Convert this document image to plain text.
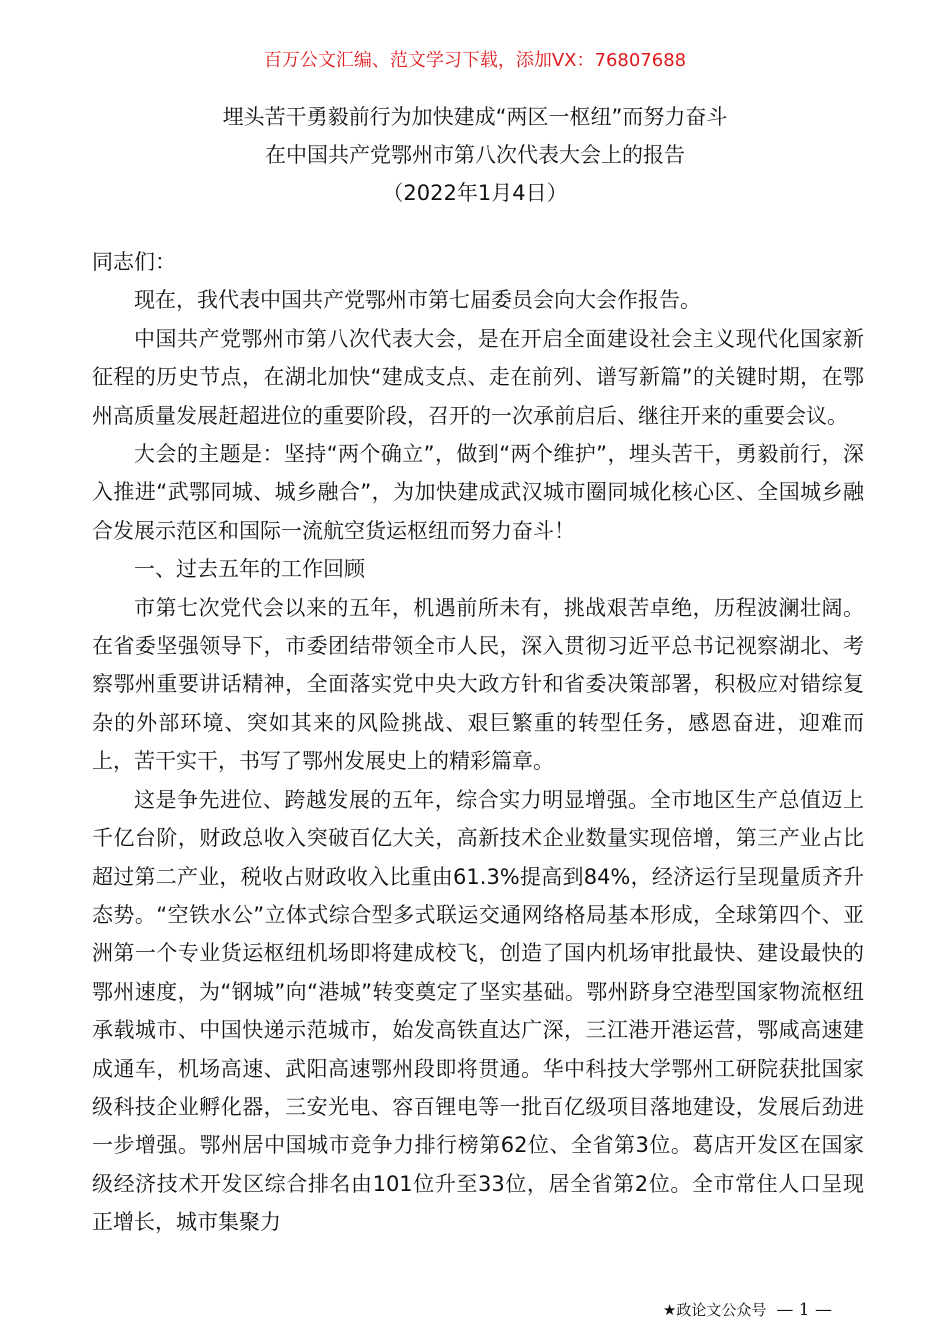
百万公文汇编、范文学习下载，添加VX：76807688
埋头苦干勇毅前行为加快建成“两区一枢纽”而努力奋斗
在中国共产党鄂州市第八次代表大会上的报告
（2022年1月4日）

同志们：

现在，我代表中国共产党鄂州市第七届委员会向大会作报告。

中国共产党鄂州市第八次代表大会，是在开启全面建设社会主义现代化国家新征程的历史节点，在湖北加快“建成支点、走在前列、谱写新篇”的关键时期，在鄂州高质量发展赶超进位的重要阶段，召开的一次承前启后、继往开来的重要会议。

大会的主题是：坚持“两个确立”，做到“两个维护”，埋头苦干，勇毅前行，深入推进“武鄂同城、城乡融合”，为加快建成武汉城市圈同城化核心区、全国城乡融合发展示范区和国际一流航空货运枢纽而努力奋斗！

一、过去五年的工作回顾

市第七次党代会以来的五年，机遇前所未有，挑战艰苦卓绝，历程波澜壮阔。在省委坚强领导下，市委团结带领全市人民，深入贯彻习近平总书记视察湖北、考察鄂州重要讲话精神，全面落实党中央大政方针和省委决策部署，积极应对错综复杂的外部环境、突如其来的风险挑战、艰巨繁重的转型任务，感恩奋进，迎难而上，苦干实干，书写了鄂州发展史上的精彩篇章。

这是争先进位、跨越发展的五年，综合实力明显增强。全市地区生产总值迈上千亿台阶，财政总收入突破百亿大关，高新技术企业数量实现倍增，第三产业占比超过第二产业，税收占财政收入比重由61.3%提高到84%，经济运行呈现量质齐升态势。“空铁水公”立体式综合型多式联运交通网络格局基本形成，全球第四个、亚洲第一个专业货运枢纽机场即将建成校飞，创造了国内机场审批最快、建设最快的鄂州速度，为“钢城”向“港城”转变奠定了坚实基础。鄂州跻身空港型国家物流枢纽承载城市、中国快递示范城市，始发高铁直达广深，三江港开港运营，鄂咸高速建成通车，机场高速、武阳高速鄂州段即将贯通。华中科技大学鄂州工研院获批国家级科技企业孵化器，三安光电、容百锂电等一批百亿级项目落地建设，发展后劲进一步增强。鄂州居中国城市竞争力排行榜第62位、全省第3位。葛店开发区在国家级经济技术开发区综合排名由101位升至33位，居全省第2位。全市常住人口呈现正增长，城市集聚力

★政论文公众号 — 1 —
